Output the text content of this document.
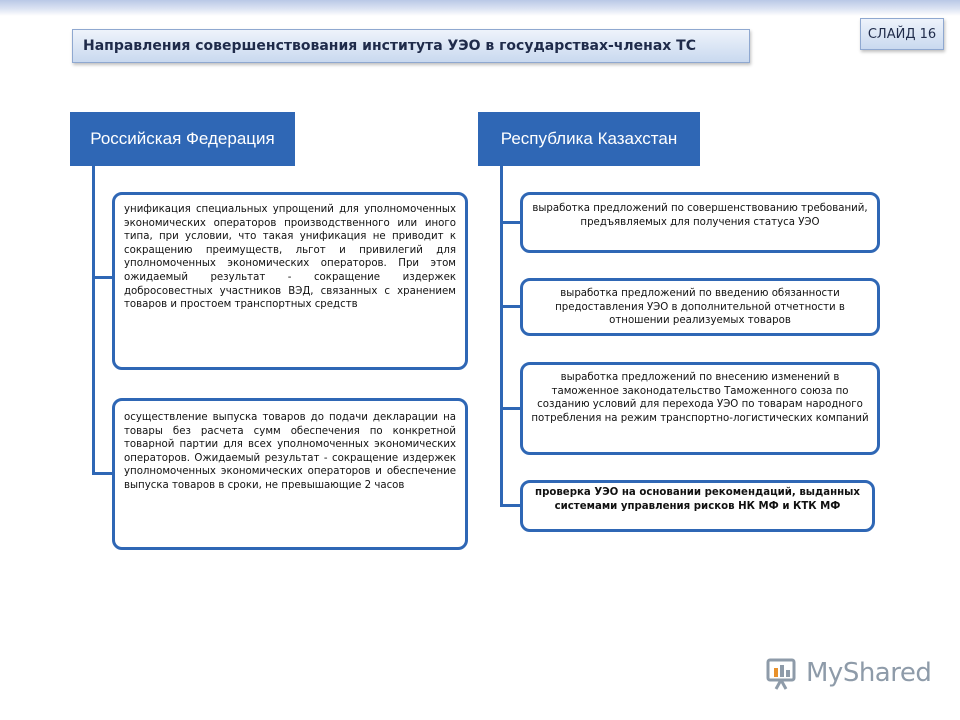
Направления совершенствования института УЭО в государствах-членах ТС
СЛАЙД 16
Российская Федерация
унификация специальных упрощений для уполномоченных экономических операторов производственного или иного типа, при условии, что такая унификация не приводит к сокращению преимуществ, льгот и привилегий для уполномоченных экономических операторов. При этом ожидаемый результат - сокращение издержек добросовестных участников ВЭД, связанных с хранением товаров и простоем транспортных средств
осуществление выпуска товаров до подачи декларации на товары без расчета сумм обеспечения по конкретной товарной партии для всех уполномоченных экономических операторов. Ожидаемый результат - сокращение издержек уполномоченных экономических операторов и обеспечение выпуска товаров в сроки, не превышающие 2 часов
Республика Казахстан
выработка предложений по совершенствованию требований, предъявляемых для получения статуса УЭО
выработка предложений по введению обязанности предоставления УЭО в дополнительной отчетности в отношении реализуемых товаров
выработка предложений по внесению изменений в таможенное законодательство Таможенного союза по созданию условий для перехода УЭО по товарам народного потребления на режим транспортно-логистических компаний
проверка УЭО на основании рекомендаций, выданных системами управления рисков НК МФ и КТК МФ
MyShared
